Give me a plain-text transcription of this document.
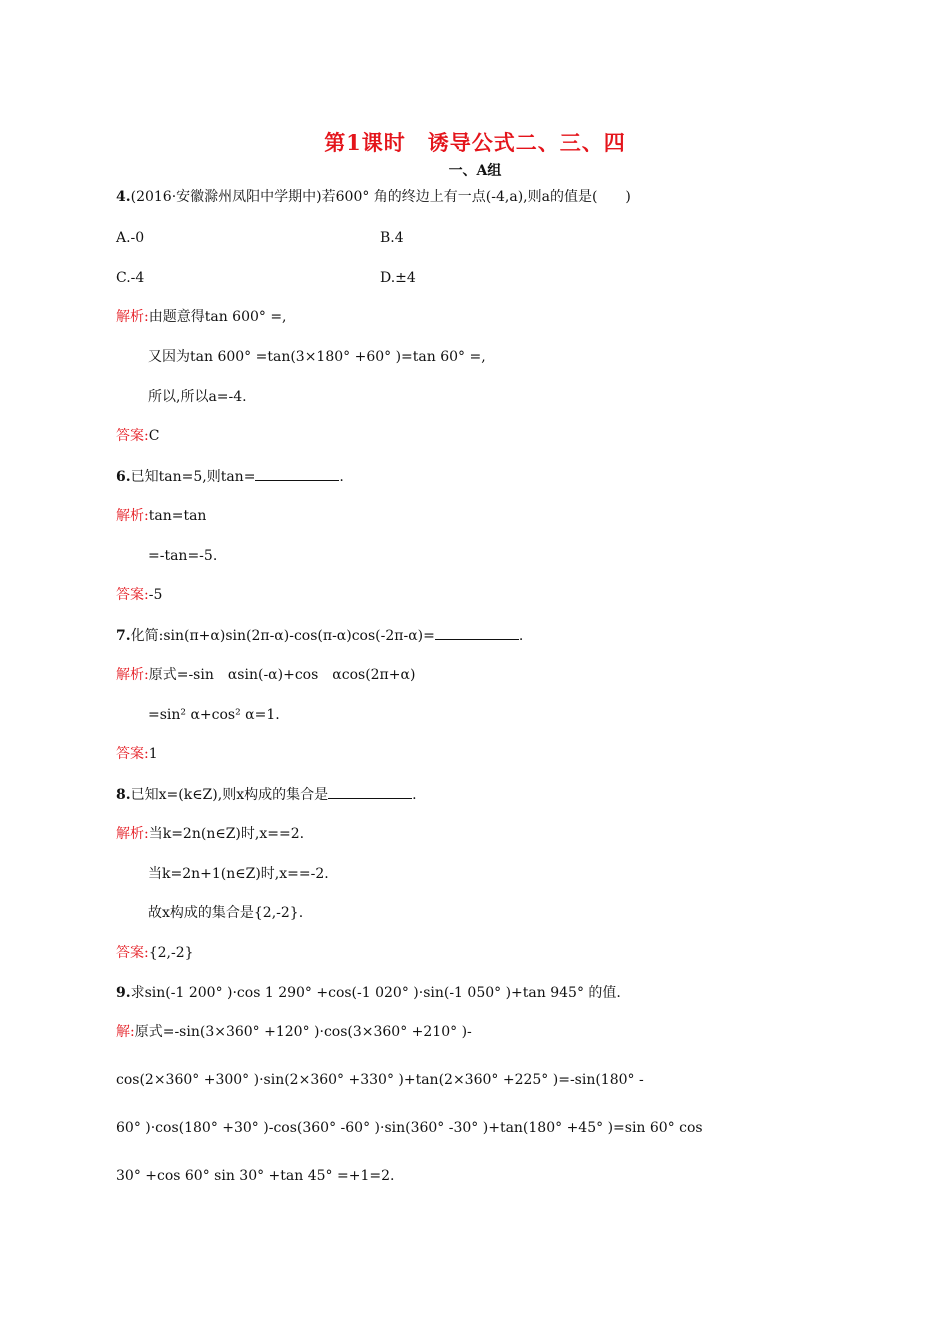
第1课时　诱导公式二、三、四
一、A组
4.(2016·安徽滁州凤阳中学期中)若600° 角的终边上有一点(-4,a),则a的值是(　　)
A.-0	B.4
C.-4	D.±4
解析:由题意得tan 600° =,
又因为tan 600° =tan(3×180° +60° )=tan 60° =,
所以,所以a=-4.
答案:C
6.已知tan=5,则tan=	.
解析:tan=tan
=-tan=-5.
答案:-5
7.化简:sin(π+α)sin(2π-α)-cos(π-α)cos(-2π-α)=	.
解析:原式=-sin　αsin(-α)+cos　αcos(2π+α)
=sin² α+cos² α=1.
答案:1
8.已知x=(k∈Z),则x构成的集合是	.
解析:当k=2n(n∈Z)时,x==2.
当k=2n+1(n∈Z)时,x==-2.
故x构成的集合是{2,-2}.
答案:{2,-2}
9.求sin(-1 200° )·cos 1 290° +cos(-1 020° )·sin(-1 050° )+tan 945° 的值.
解:原式=-sin(3×360° +120° )·cos(3×360° +210° )-
cos(2×360° +300° )·sin(2×360° +330° )+tan(2×360° +225° )=-sin(180° -
60° )·cos(180° +30° )-cos(360° -60° )·sin(360° -30° )+tan(180° +45° )=sin 60° cos
30° +cos 60° sin 30° +tan 45° =+1=2.
